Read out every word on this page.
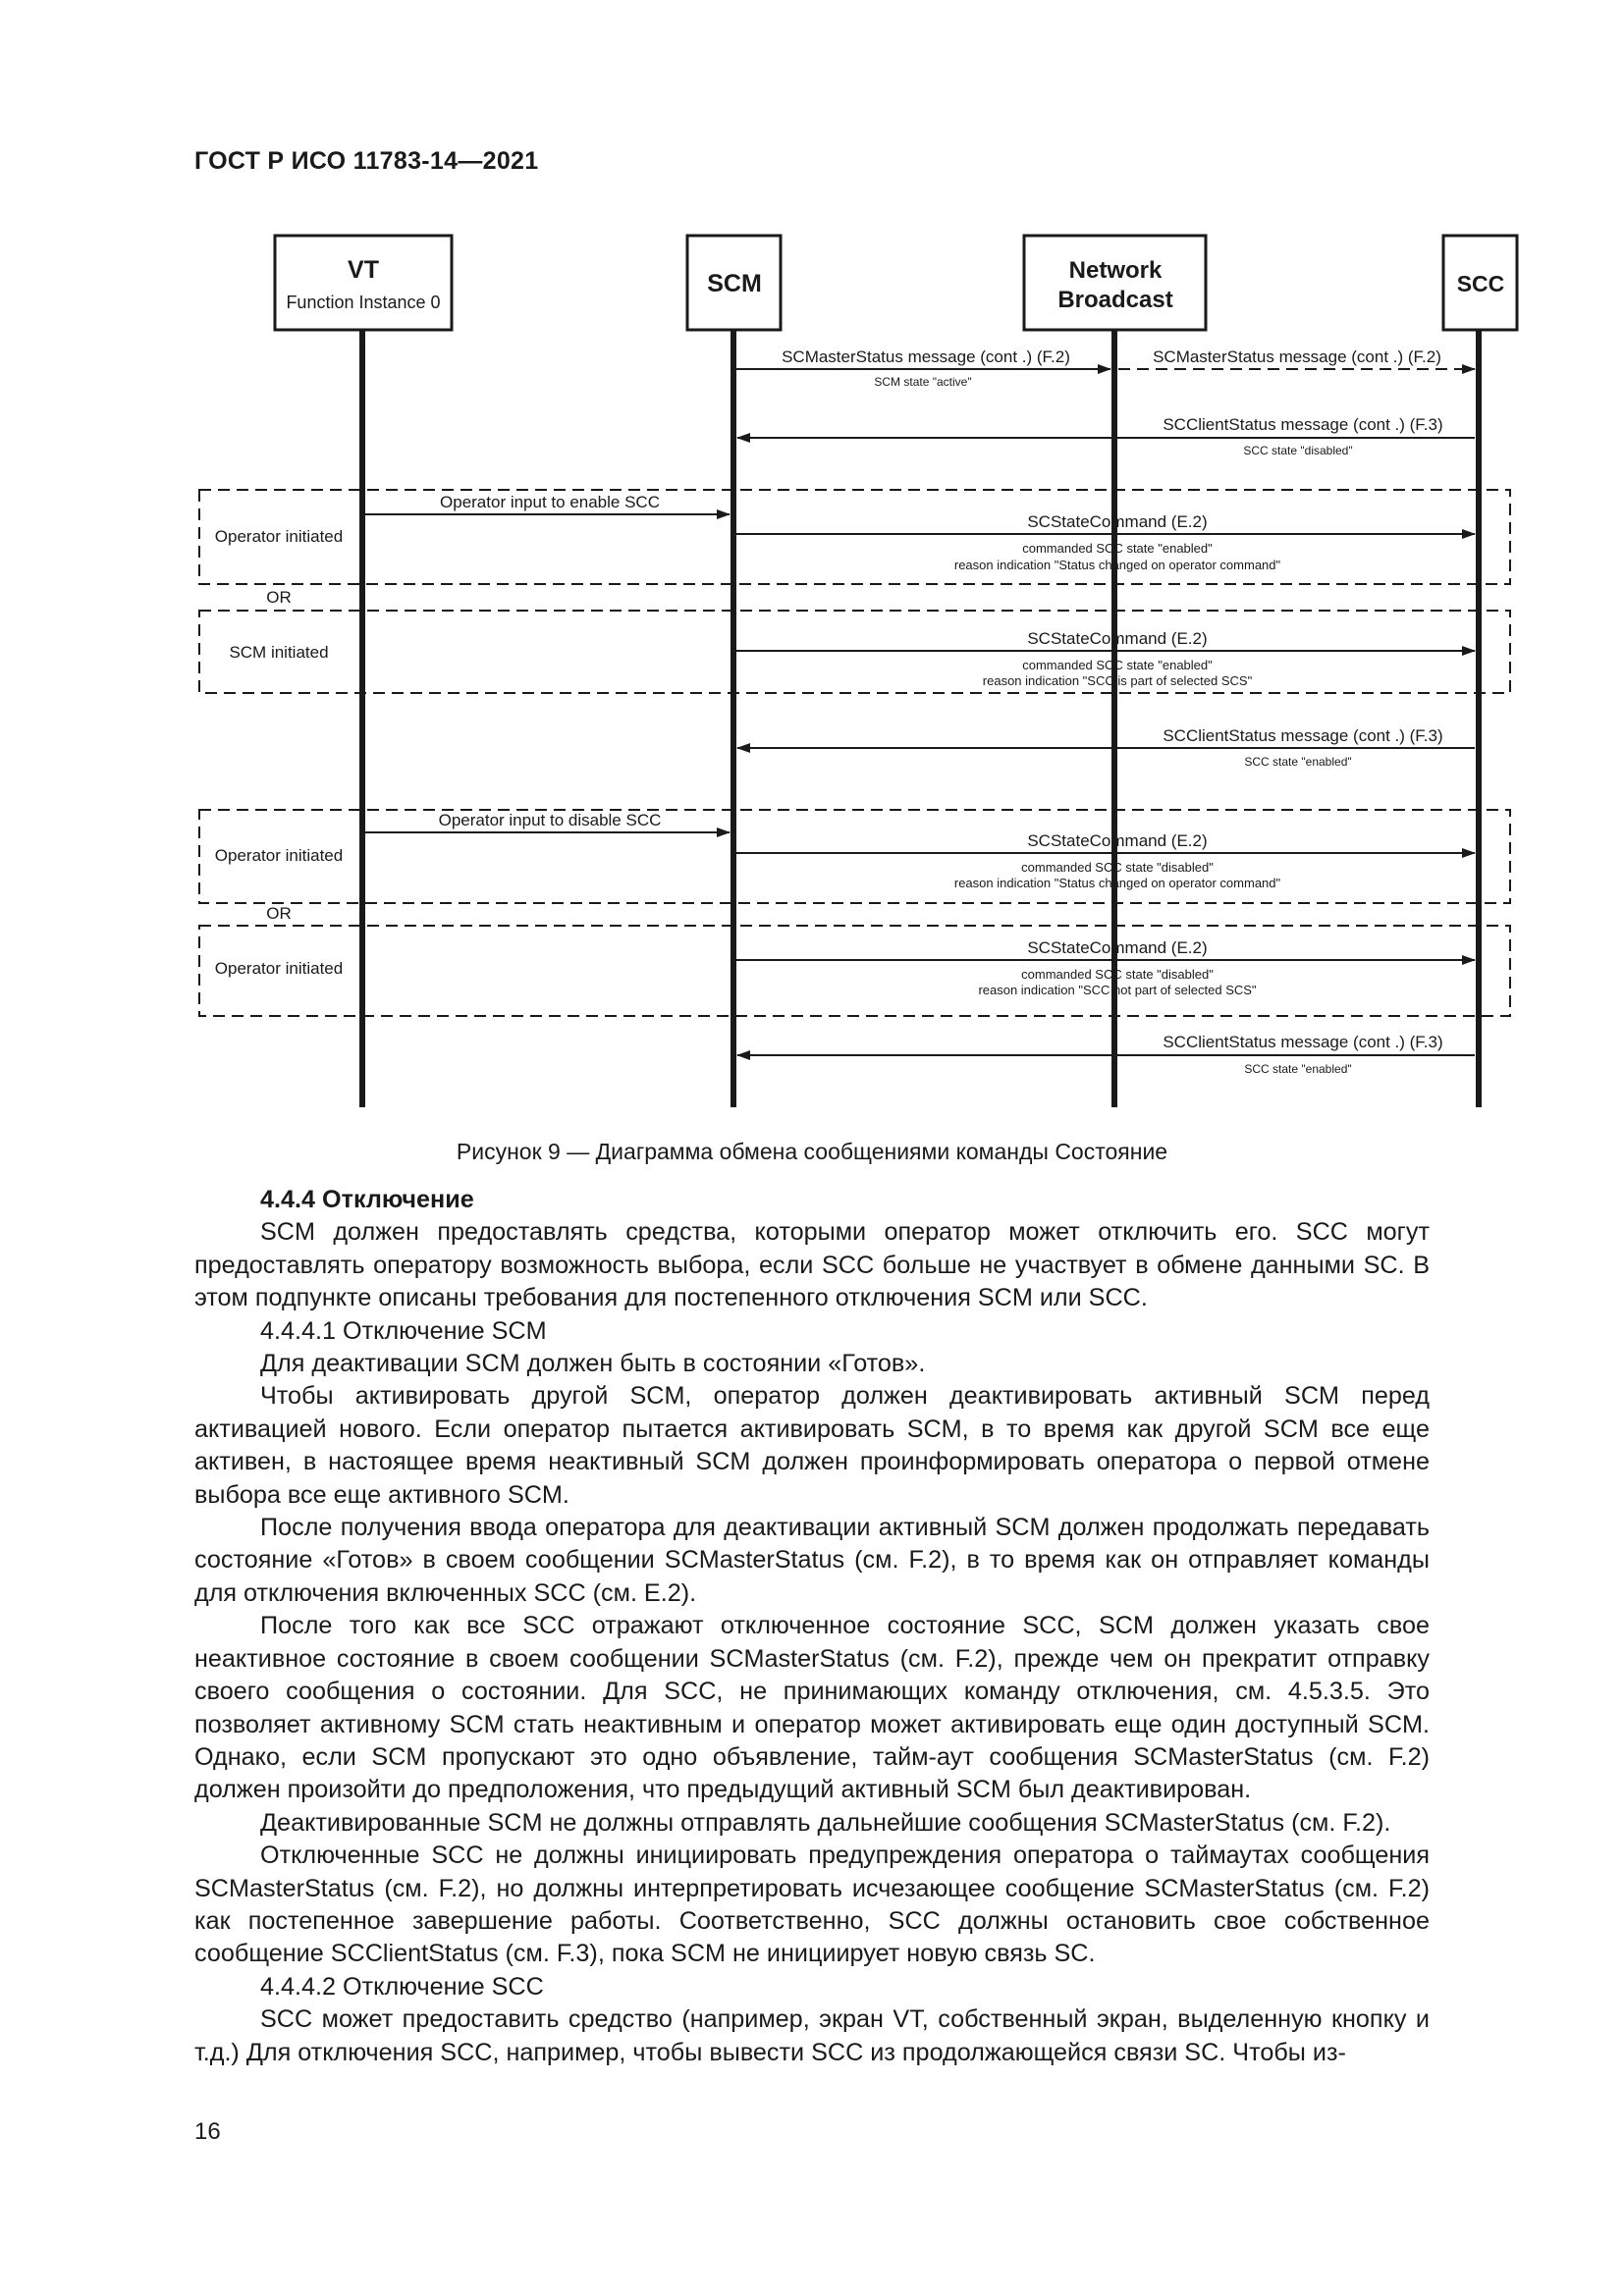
ГОСТ Р ИСО 11783-14—2021
VT
Function Instance 0
SCM	Network
Broadcast
SCC
SCMasterStatus message (cont .) (F.2)	SCMasterStatus message (cont .) (F.2)
SCM state "active"
SCClientStatus message (cont .) (F.3)
SCC state "disabled"
Operator initiated
Operator input to enable SCC
SCStateCommand (E.2)
commanded SCC state "enabled"
reason indication "Status changed on operator command"
OR
SCM initiated
SCStateCommand (E.2)
commanded SCC state "enabled"
reason indication "SCC is part of selected SCS"
SCClientStatus message (cont .) (F.3)
SCC state "enabled"
Operator initiated
Operator input to disable SCC
SCStateCommand (E.2)
commanded SCC state "disabled"
reason indication "Status changed on operator command"
OR
Operator initiated
SCStateCommand (E.2)
commanded SCC state "disabled"
reason indication "SCC not part of selected SCS"
SCClientStatus message (cont .) (F.3)
SCC state "enabled"
Рисунок 9 — Диаграмма обмена сообщениями команды Состояние

4.4.4 Отключение

SCM должен предоставлять средства, которыми оператор может отключить его. SCC могут предоставлять оператору возможность выбора, если SCC больше не участвует в обмене данными SC. В этом подпункте описаны требования для постепенного отключения SCM или SCC.

4.4.4.1 Отключение SCM

Для деактивации SCM должен быть в состоянии «Готов».

Чтобы активировать другой SCM, оператор должен деактивировать активный SCM перед активацией нового. Если оператор пытается активировать SCM, в то время как другой SCM все еще активен, в настоящее время неактивный SCM должен проинформировать оператора о первой отмене выбора все еще активного SCM.

После получения ввода оператора для деактивации активный SCM должен продолжать передавать состояние «Готов» в своем сообщении SCMasterStatus (см. F.2), в то время как он отправляет команды для отключения включенных SCC (см. E.2).

После того как все SCC отражают отключенное состояние SCC, SCM должен указать свое неактивное состояние в своем сообщении SCMasterStatus (см. F.2), прежде чем он прекратит отправку своего сообщения о состоянии. Для SCC, не принимающих команду отключения, см. 4.5.3.5. Это позволяет активному SCM стать неактивным и оператор может активировать еще один доступный SCM. Однако, если SCM пропускают это одно объявление, тайм-аут сообщения SCMasterStatus (см. F.2) должен произойти до предположения, что предыдущий активный SCM был деактивирован.

Деактивированные SCM не должны отправлять дальнейшие сообщения SCMasterStatus (см. F.2).

Отключенные SCC не должны инициировать предупреждения оператора о таймаутах сообщения SCMasterStatus (см. F.2), но должны интерпретировать исчезающее сообщение SCMasterStatus (см. F.2) как постепенное завершение работы. Соответственно, SCC должны остановить свое собственное сообщение SCClientStatus (см. F.3), пока SCM не инициирует новую связь SC.

4.4.4.2 Отключение SCC

SCC может предоставить средство (например, экран VT, собственный экран, выделенную кнопку и т.д.) Для отключения SCC, например, чтобы вывести SCC из продолжающейся связи SC. Чтобы из-

16
